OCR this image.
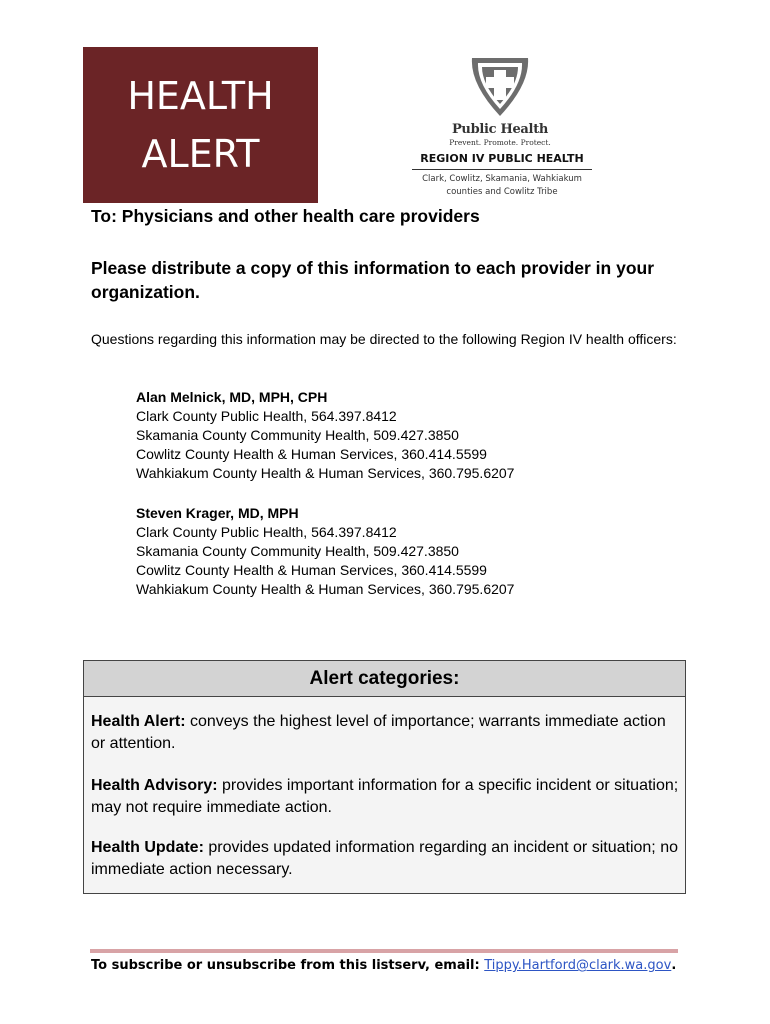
HEALTH
ALERT
Public Health
Prevent. Promote. Protect.
REGION IV PUBLIC HEALTH
Clark, Cowlitz, Skamania, Wahkiakum
counties and Cowlitz Tribe
To: Physicians and other health care providers
Please distribute a copy of this information to each provider in your organization.
Questions regarding this information may be directed to the following Region IV health officers:
Alan Melnick, MD, MPH, CPH
Clark County Public Health, 564.397.8412
Skamania County Community Health, 509.427.3850
Cowlitz County Health & Human Services, 360.414.5599
Wahkiakum County Health & Human Services, 360.795.6207
Steven Krager, MD, MPH
Clark County Public Health, 564.397.8412
Skamania County Community Health, 509.427.3850
Cowlitz County Health & Human Services, 360.414.5599
Wahkiakum County Health & Human Services, 360.795.6207
Alert categories:
Health Alert: conveys the highest level of importance; warrants immediate action or attention.
Health Advisory: provides important information for a specific incident or situation; may not require immediate action.
Health Update: provides updated information regarding an incident or situation; no immediate action necessary.
To subscribe or unsubscribe from this listserv, email: Tippy.Hartford@clark.wa.gov.
